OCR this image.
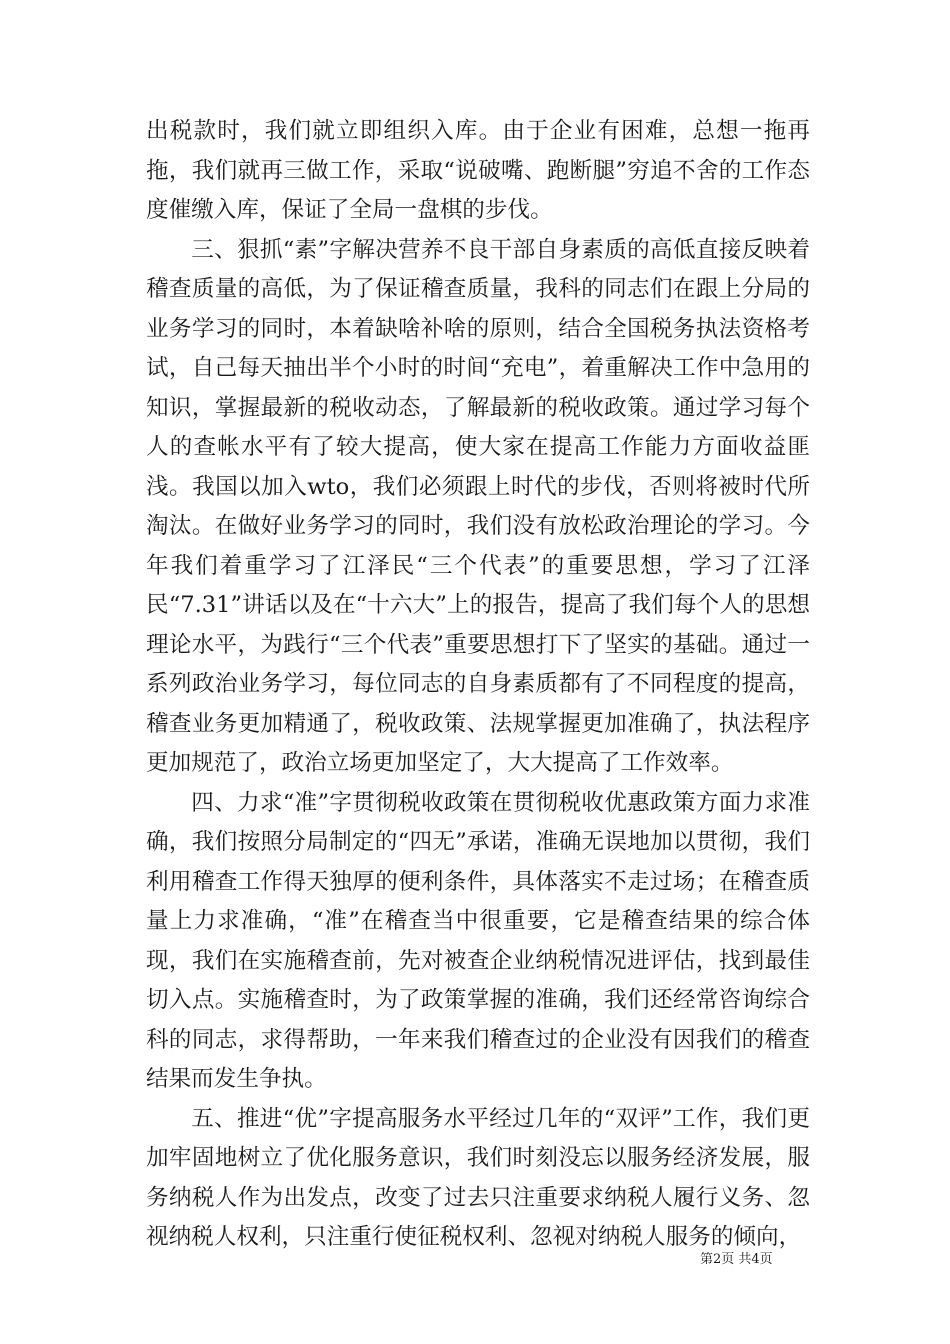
出税款时，我们就立即组织入库。由于企业有困难，总想一拖再拖，我们就再三做工作，采取“说破嘴、跑断腿”穷追不舍的工作态度催缴入库，保证了全局一盘棋的步伐。

三、狠抓“素”字解决营养不良干部自身素质的高低直接反映着稽查质量的高低，为了保证稽查质量，我科的同志们在跟上分局的业务学习的同时，本着缺啥补啥的原则，结合全国税务执法资格考试，自己每天抽出半个小时的时间“充电”，着重解决工作中急用的知识，掌握最新的税收动态，了解最新的税收政策。通过学习每个人的查帐水平有了较大提高，使大家在提高工作能力方面收益匪浅。我国以加入wto，我们必须跟上时代的步伐，否则将被时代所淘汰。在做好业务学习的同时，我们没有放松政治理论的学习。今年我们着重学习了江泽民“三个代表”的重要思想，学习了江泽民“7.31”讲话以及在“十六大”上的报告，提高了我们每个人的思想理论水平，为践行“三个代表”重要思想打下了坚实的基础。通过一系列政治业务学习，每位同志的自身素质都有了不同程度的提高，稽查业务更加精通了，税收政策、法规掌握更加准确了，执法程序更加规范了，政治立场更加坚定了，大大提高了工作效率。

四、力求“准”字贯彻税收政策在贯彻税收优惠政策方面力求准确，我们按照分局制定的“四无”承诺，准确无误地加以贯彻，我们利用稽查工作得天独厚的便利条件，具体落实不走过场；在稽查质量上力求准确，“准”在稽查当中很重要，它是稽查结果的综合体现，我们在实施稽查前，先对被查企业纳税情况进评估，找到最佳切入点。实施稽查时，为了政策掌握的准确，我们还经常咨询综合科的同志，求得帮助，一年来我们稽查过的企业没有因我们的稽查结果而发生争执。

五、推进“优”字提高服务水平经过几年的“双评”工作，我们更加牢固地树立了优化服务意识，我们时刻没忘以服务经济发展，服务纳税人作为出发点，改变了过去只注重要求纳税人履行义务、忽视纳税人权利，只注重行使征税权利、忽视对纳税人服务的倾向，

第2页 共4页
